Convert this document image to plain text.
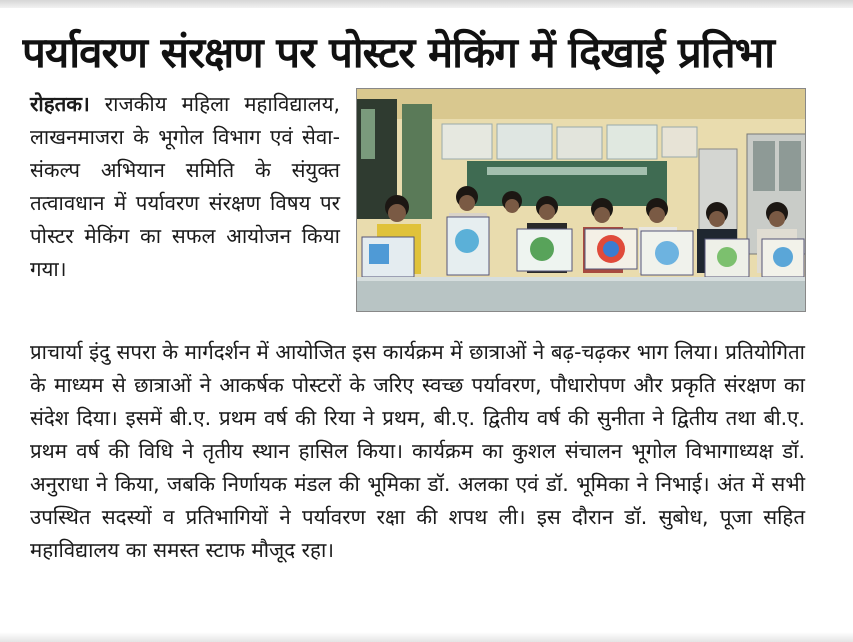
पर्यावरण संरक्षण पर पोस्टर मेकिंग में दिखाई प्रतिभा

रोहतक। राजकीय महिला महाविद्यालय, लाखनमाजरा के भूगोल विभाग एवं सेवा-संकल्प अभियान समिति के संयुक्त तत्वावधान में पर्यावरण संरक्षण विषय पर पोस्टर मेकिंग का सफल आयोजन किया गया।

प्राचार्या इंदु सपरा के मार्गदर्शन में आयोजित इस कार्यक्रम में छात्राओं ने बढ़-चढ़कर भाग लिया। प्रतियोगिता के माध्यम से छात्राओं ने आकर्षक पोस्टरों के जरिए स्वच्छ पर्यावरण, पौधारोपण और प्रकृति संरक्षण का संदेश दिया। इसमें बी.ए. प्रथम वर्ष की रिया ने प्रथम, बी.ए. द्वितीय वर्ष की सुनीता ने द्वितीय तथा बी.ए. प्रथम वर्ष की विधि ने तृतीय स्थान हासिल किया। कार्यक्रम का कुशल संचालन भूगोल विभागाध्यक्ष डॉ. अनुराधा ने किया, जबकि निर्णायक मंडल की भूमिका डॉ. अलका एवं डॉ. भूमिका ने निभाई। अंत में सभी उपस्थित सदस्यों व प्रतिभागियों ने पर्यावरण रक्षा की शपथ ली। इस दौरान डॉ. सुबोध, पूजा सहित महाविद्यालय का समस्त स्टाफ मौजूद रहा।
